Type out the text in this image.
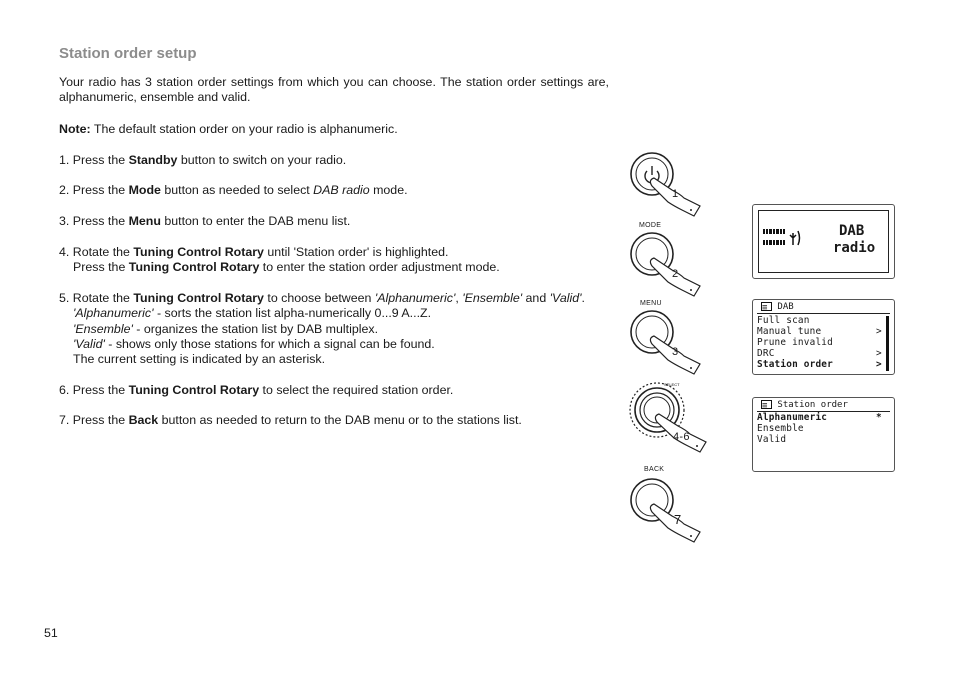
Station order setup
Your radio has 3 station order settings from which you can choose. The station order settings are, alphanumeric, ensemble and valid.
Note: The default station order on your radio is alphanumeric.
1. Press the Standby button to switch on your radio.
2. Press the Mode button as needed to select DAB radio mode.
3. Press the Menu button to enter the DAB menu list.
4. Rotate the Tuning Control Rotary until 'Station order' is highlighted.
Press the Tuning Control Rotary to enter the station order adjustment mode.
5. Rotate the Tuning Control Rotary to choose between 'Alphanumeric', 'Ensemble' and 'Valid'.
'Alphanumeric' - sorts the station list alpha-numerically 0...9 A...Z.
'Ensemble' - organizes the station list by DAB multiplex.
'Valid' - shows only those stations for which a signal can be found.
The current setting is indicated by an asterisk.
6. Press the Tuning Control Rotary to select the required station order.
7. Press the Back button as needed to return to the DAB menu or to the stations list.
51
1
MODE
2
MENU
3
SELECT
4-6
BACK
7
DAB
radio
≡ DAB
Full scan
Manual tune	>
Prune invalid
DRC	>
Station order	>
≡ Station order
Alphanumeric	*
Ensemble
Valid
